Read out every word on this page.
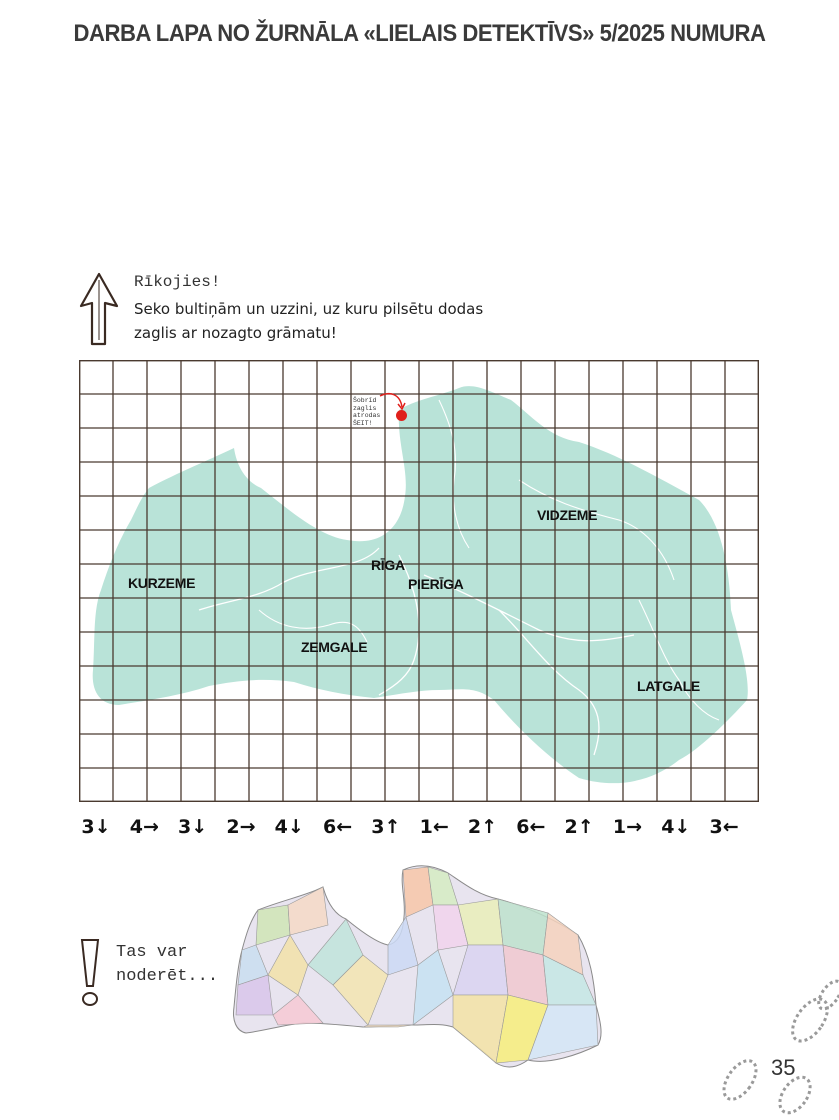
DARBA LAPA NO ŽURNĀLA «LIELAIS DETEKTĪVS» 5/2025 NUMURA
Rīkojies!
Seko bultiņām un uzzini, uz kuru pilsētu dodas
zaglis ar nozagto grāmatu!
Šobrīd
zaglis
atrodas
ŠEIT!
KURZEME
RĪGA
PIERĪGA
VIDZEME
ZEMGALE
LATGALE
3↓ 4→ 3↓ 2→ 4↓ 6← 3↑ 1← 2↑ 6← 2↑ 1→ 4↓ 3←
Tas var
noderēt...
35
